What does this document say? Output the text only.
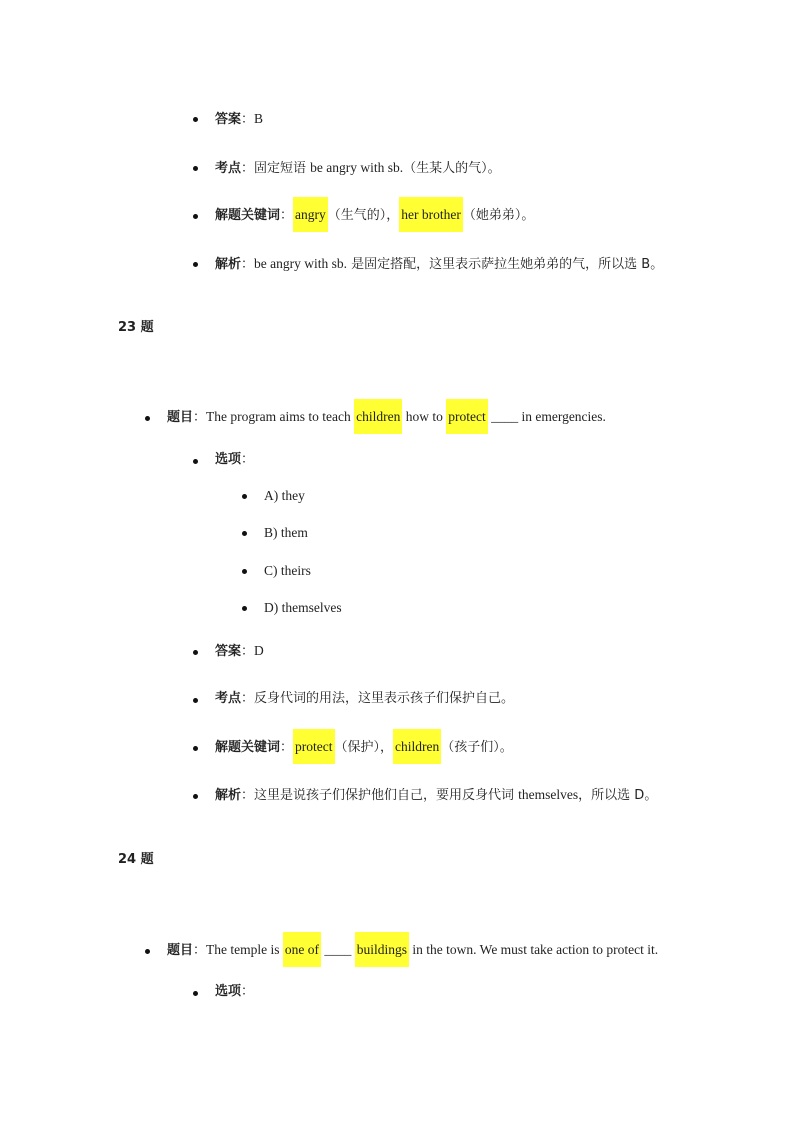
答案：B
考点：固定短语 be angry with sb.（生某人的气）。
解题关键词： angry （生气的）， her brother （她弟弟）。
解析：be angry with sb. 是固定搭配，这里表示萨拉生她弟弟的气，所以选 B。
23 题
题目：The program aims to teach children how to protect ____ in emergencies.
选项：
A) they
B) them
C) theirs
D) themselves
答案：D
考点：反身代词的用法，这里表示孩子们保护自己。
解题关键词： protect （保护）， children （孩子们）。
解析：这里是说孩子们保护他们自己，要用反身代词 themselves，所以选 D。
24 题
题目：The temple is one of ____ buildings in the town. We must take action to protect it.
选项：
